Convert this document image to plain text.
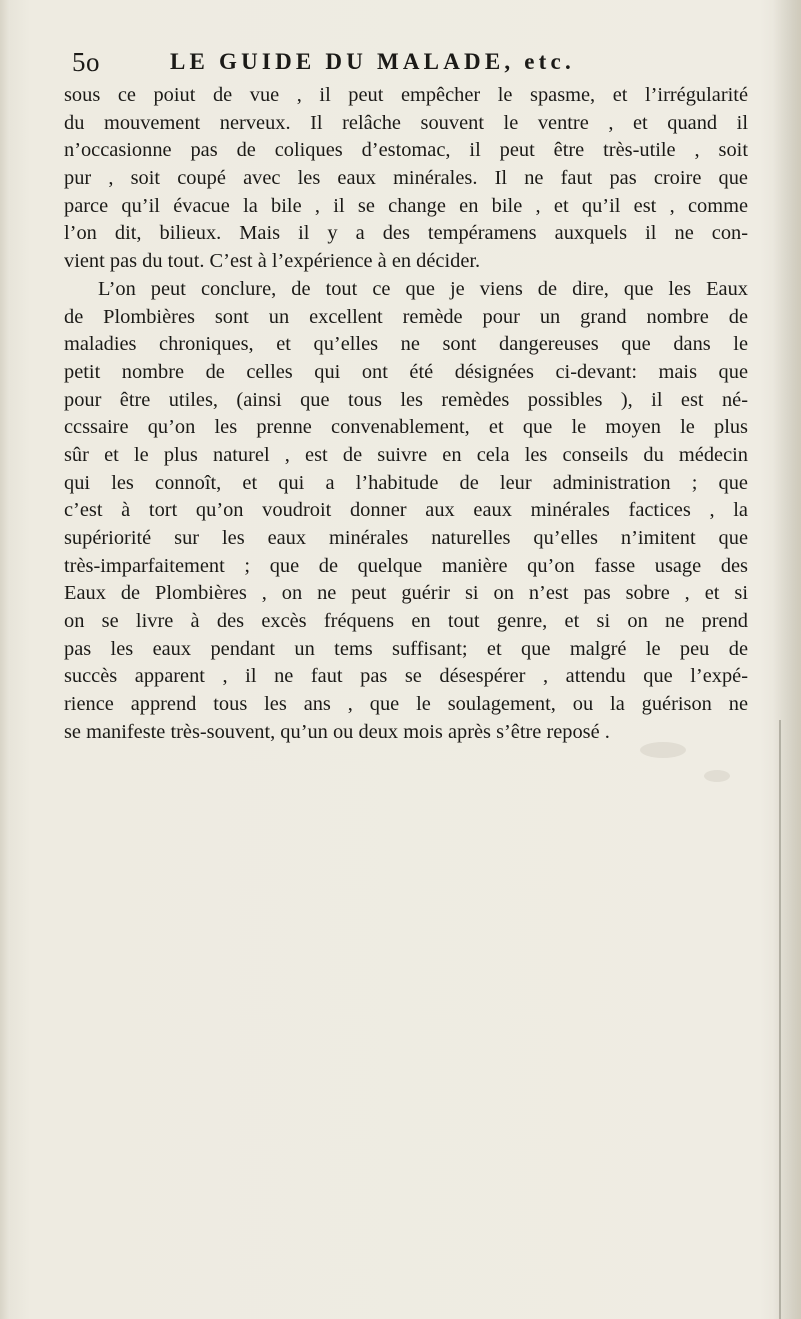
5o	LE GUIDE DU MALADE, etc.
sous ce poiut de vue , il peut empêcher le spasme, et l’irrégularité
du mouvement nerveux. Il relâche souvent le ventre , et quand il
n’occasionne pas de coliques d’estomac, il peut être très-utile , soit
pur , soit coupé avec les eaux minérales. Il ne faut pas croire que
parce qu’il évacue la bile , il se change en bile , et qu’il est , comme
l’on dit, bilieux. Mais il y a des tempéramens auxquels il ne con-
vient pas du tout. C’est à l’expérience à en décider.
L’on peut conclure, de tout ce que je viens de dire, que les Eaux
de Plombières sont un excellent remède pour un grand nombre de
maladies chroniques, et qu’elles ne sont dangereuses que dans le
petit nombre de celles qui ont été désignées ci-devant: mais que
pour être utiles, (ainsi que tous les remèdes possibles ), il est né-
ccssaire qu’on les prenne convenablement, et que le moyen le plus
sûr et le plus naturel , est de suivre en cela les conseils du médecin
qui les connoît, et qui a l’habitude de leur administration ; que
c’est à tort qu’on voudroit donner aux eaux minérales factices , la
supériorité sur les eaux minérales naturelles qu’elles n’imitent que
très-imparfaitement ; que de quelque manière qu’on fasse usage des
Eaux de Plombières , on ne peut guérir si on n’est pas sobre , et si
on se livre à des excès fréquens en tout genre, et si on ne prend
pas les eaux pendant un tems suffisant; et que malgré le peu de
succès apparent , il ne faut pas se désespérer , attendu que l’expé-
rience apprend tous les ans , que le soulagement, ou la guérison ne
se manifeste très-souvent, qu’un ou deux mois après s’être reposé .
